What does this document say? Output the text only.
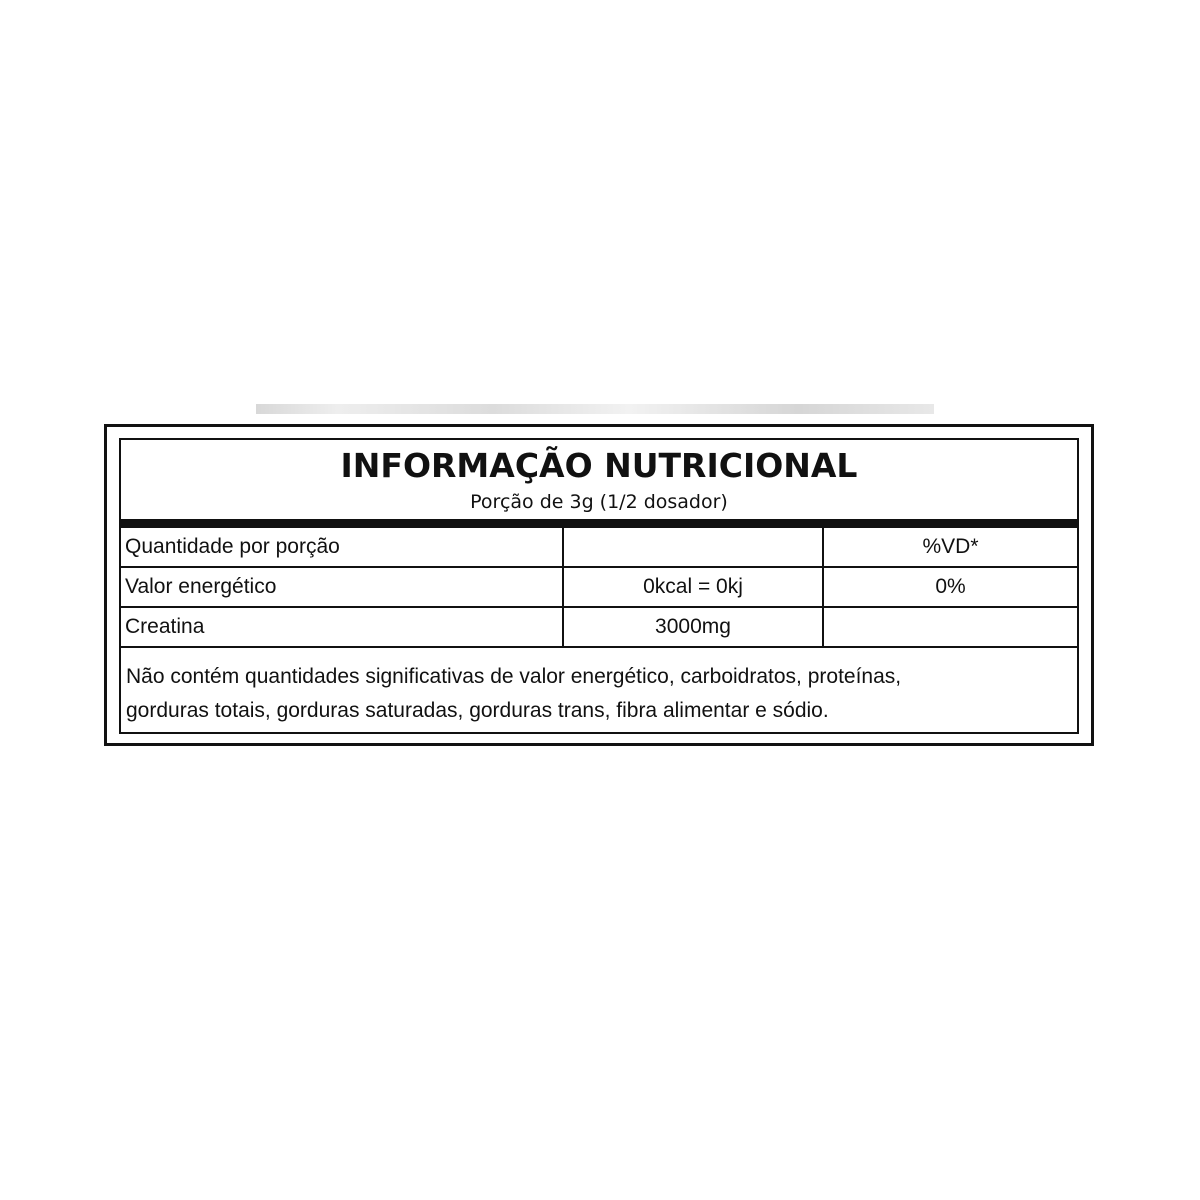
INFORMAÇÃO NUTRICIONAL
Porção de 3g (1/2 dosador)
Quantidade por porção		%VD*
Valor energético	0kcal = 0kj	0%
Creatina	3000mg	
Não contém quantidades significativas de valor energético, carboidratos, proteínas,
gorduras totais, gorduras saturadas, gorduras trans, fibra alimentar e sódio.
